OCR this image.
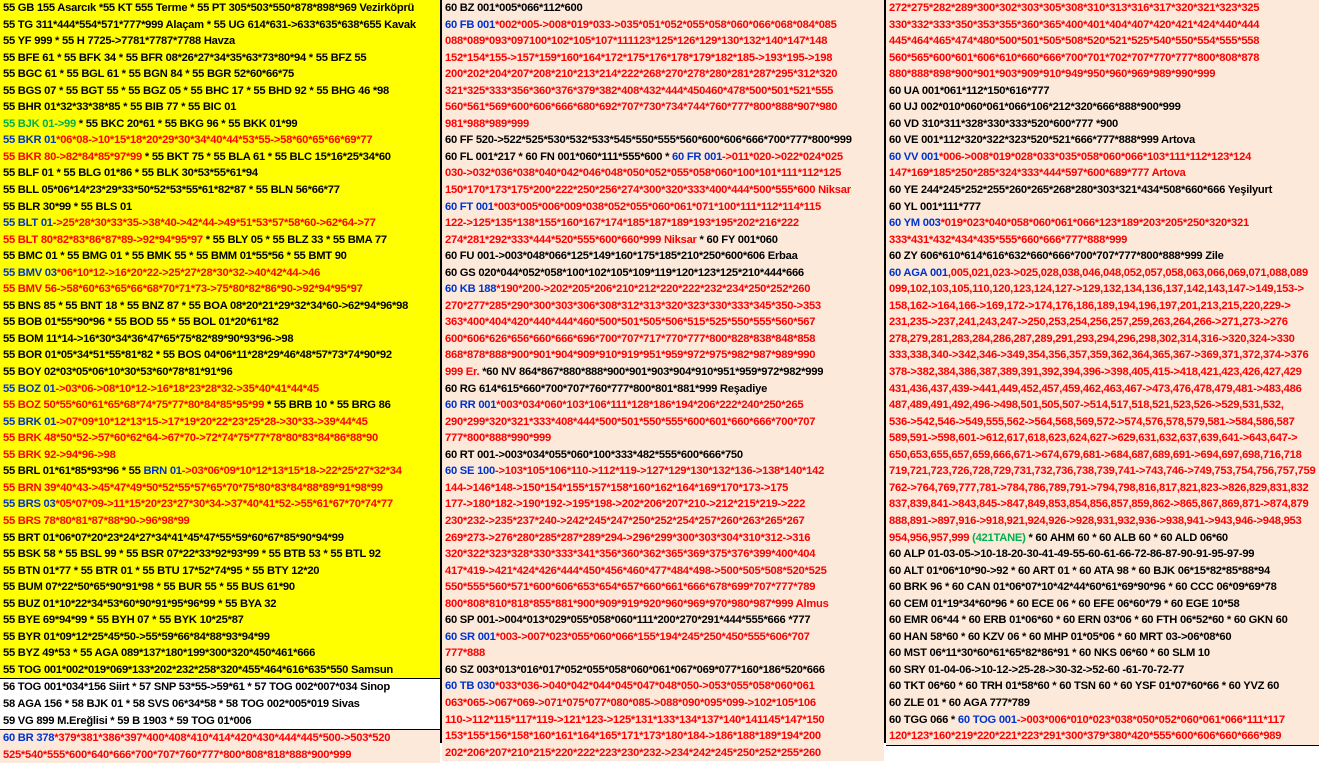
55 GB 155 Asarcık *55 KT 555 Terme * 55 PT 305*503*550*878*898*969 Vezirköprü
55 TG 311*444*554*571*777*999 Alaçam * 55 UG 614*631->633*635*638*655 Kavak
55 YF 999 * 55 H 7725->7781*7787*7788 Havza
55 BFE 61 * 55 BFK 34 * 55 BFR 08*26*27*34*35*63*73*80*94 * 55 BFZ 55
55 BGC 61 * 55 BGL 61 * 55 BGN 84 * 55 BGR 52*60*66*75
55 BGS 07 * 55 BGT 55 * 55 BGZ 05 * 55 BHC 17 * 55 BHD 92 * 55 BHG 46 *98
55 BHR 01*32*33*38*85 * 55 BIB 77 * 55 BIC 01
55 BJK 01->99 * 55 BKC 20*61 * 55 BKG 96 * 55 BKK 01*99
55 BKR 01*06*08->10*15*18*20*29*30*34*40*44*53*55->58*60*65*66*69*77
55 BKR 80->82*84*85*97*99 * 55 BKT 75 * 55 BLA 61 * 55 BLC 15*16*25*34*60
55 BLF 01 * 55 BLG 01*86 * 55 BLK 30*53*55*61*94
55 BLL 05*06*14*23*29*33*50*52*53*55*61*82*87 * 55 BLN 56*66*77
55 BLR 30*99 * 55 BLS 01
55 BLT 01->25*28*30*33*35->38*40->42*44->49*51*53*57*58*60->62*64->77
55 BLT 80*82*83*86*87*89->92*94*95*97 * 55 BLY 05 * 55 BLZ 33 * 55 BMA 77
55 BMC 01 * 55 BMG 01 * 55 BMK 55 * 55 BMM 01*55*56 * 55 BMT 90
55 BMV 03*06*10*12->16*20*22->25*27*28*30*32->40*42*44->46
55 BMV 56->58*60*63*65*66*68*70*71*73->75*80*82*86*90->92*94*95*97
55 BNS 85 * 55 BNT 18 * 55 BNZ 87 * 55 BOA 08*20*21*29*32*34*60->62*94*96*98
55 BOB 01*55*90*96 * 55 BOD 55 * 55 BOL 01*20*61*82
55 BOM 11*14->16*30*34*36*47*65*75*82*89*90*93*96->98
55 BOR 01*05*34*51*55*81*82 * 55 BOS 04*06*11*28*29*46*48*57*73*74*90*92
55 BOY 02*03*05*06*10*30*53*60*78*81*91*96
55 BOZ 01->03*06->08*10*12->16*18*23*28*32->35*40*41*44*45
55 BOZ 50*55*60*61*65*68*74*75*77*80*84*85*95*99 * 55 BRB 10 * 55 BRG 86
55 BRK 01->07*09*10*12*13*15->17*19*20*22*23*25*28->30*33->39*44*45
55 BRK 48*50*52->57*60*62*64->67*70->72*74*75*77*78*80*83*84*86*88*90
55 BRK 92->94*96->98
55 BRL 01*61*85*93*96 * 55 BRN 01->03*06*09*10*12*13*15*18->22*25*27*32*34
55 BRN 39*40*43->45*47*49*50*52*55*57*65*70*75*80*83*84*88*89*91*98*99
55 BRS 03*05*07*09->11*15*20*23*27*30*34->37*40*41*52->55*61*67*70*74*77
55 BRS 78*80*81*87*88*90->96*98*99
55 BRT 01*06*07*20*23*24*27*34*41*45*47*55*59*60*67*85*90*94*99
55 BSK 58 * 55 BSL 99 * 55 BSR 07*22*33*92*93*99 * 55 BTB 53 * 55 BTL 92
55 BTN 01*77 * 55 BTR 01 * 55 BTU 17*52*74*95 * 55 BTY 12*20
55 BUM 07*22*50*65*90*91*98 * 55 BUR 55 * 55 BUS 61*90
55 BUZ 01*10*22*34*53*60*90*91*95*96*99 * 55 BYA 32
55 BYE 69*94*99 * 55 BYH 07 * 55 BYK 10*25*87
55 BYR 01*09*12*25*45*50->55*59*66*84*88*93*94*99
55 BYZ 49*53 * 55 AGA 089*137*180*199*300*320*450*461*666
55 TOG 001*002*019*069*133*202*232*258*320*455*464*616*635*550 Samsun
56 TOG 001*034*156 Siirt * 57 SNP 53*55->59*61 * 57 TOG 002*007*034 Sinop
58 AGA 156 * 58 BJK 01 * 58 SVS 06*34*58 * 58 TOG 002*005*019 Sivas
59 VG 899 M.Ereğlisi * 59 B 1903 * 59 TOG 01*006
60 BR 378*379*381*386*397*400*408*410*414*420*430*444*445*500->503*520
525*540*555*600*640*666*700*707*760*777*800*808*818*888*900*999
60 BZ 001*005*066*112*600
60 FB 001*002*005->008*019*033->035*051*052*055*058*060*066*068*084*085
088*089*093*097100*102*105*107*111123*125*126*129*130*132*140*147*148
152*154*155->157*159*160*164*172*175*176*178*179*182*185->193*195->198
200*202*204*207*208*210*213*214*222*268*270*278*280*281*287*295*312*320
321*325*333*356*360*376*379*382*408*432*444*450460*478*500*501*521*555
560*561*569*600*606*666*680*692*707*730*734*744*760*777*800*888*907*980
981*988*989*999
60 FF 520->522*525*530*532*533*545*550*555*560*600*606*666*700*777*800*999
60 FL 001*217 * 60 FN 001*060*111*555*600 * 60 FR 001->011*020->022*024*025
030->032*036*038*040*042*046*048*050*052*055*058*060*100*101*111*112*125
150*170*173*175*200*222*250*256*274*300*320*333*400*444*500*555*600 Niksar
60 FT 001*003*005*006*009*038*052*055*060*061*071*100*111*112*114*115
122->125*135*138*155*160*167*174*185*187*189*193*195*202*216*222
274*281*292*333*444*520*555*600*660*999 Niksar * 60 FY 001*060
60 FU 001->003*048*066*125*149*160*175*185*210*250*600*606 Erbaa
60 GS 020*044*052*058*100*102*105*109*119*120*123*125*210*444*666
60 KB 188*190*200->202*205*206*210*212*220*222*232*234*250*252*260
270*277*285*290*300*303*306*308*312*313*320*323*330*333*345*350->353
363*400*404*420*440*444*460*500*501*505*506*515*525*550*555*560*567
600*606*626*656*660*666*696*700*707*717*770*777*800*828*838*848*858
868*878*888*900*901*904*909*910*919*951*959*972*975*982*987*989*990
999 Er. *60 NV 864*867*880*888*900*901*903*904*910*951*959*972*982*999
60 RG 614*615*660*700*707*760*777*800*801*881*999 Reşadiye
60 RR 001*003*034*060*103*106*111*128*186*194*206*222*240*250*265
290*299*320*321*333*408*444*500*501*550*555*600*601*660*666*700*707
777*800*888*990*999
60 RT 001->003*034*055*060*100*333*482*555*600*666*750
60 SE 100->103*105*106*110->112*119->127*129*130*132*136->138*140*142
144->146*148->150*154*155*157*158*160*162*164*169*170*173->175
177->180*182->190*192->195*198->202*206*207*210->212*215*219->222
230*232->235*237*240->242*245*247*250*252*254*257*260*263*265*267
269*273->276*280*285*287*289*294->296*299*300*303*304*310*312->316
320*322*323*328*330*333*341*356*360*362*365*369*375*376*399*400*404
417*419->421*424*426*444*450*456*460*477*484*498->500*505*508*520*525
550*555*560*571*600*606*653*654*657*660*661*666*678*699*707*777*789
800*808*810*818*855*881*900*909*919*920*960*969*970*980*987*999 Almus
60 SP 001->004*013*029*055*058*060*111*200*270*291*444*555*666 *777
60 SR 001*003->007*023*055*060*066*155*194*245*250*450*555*606*707
777*888
60 SZ 003*013*016*017*052*055*058*060*061*067*069*077*160*186*520*666
60 TB 030*033*036->040*042*044*045*047*048*050->053*055*058*060*061
063*065->067*069->071*075*077*080*085->088*090*095*099->102*105*106
110->112*115*117*119->121*123->125*131*133*134*137*140*141145*147*150
153*155*156*158*160*161*164*165*171*173*180*184->186*188*189*194*200
202*206*207*210*215*220*222*223*230*232->234*242*245*250*252*255*260
272*275*282*289*300*302*303*305*308*310*313*316*317*320*321*323*325
330*332*333*350*353*355*360*365*400*401*404*407*420*421*424*440*444
445*464*465*474*480*500*501*505*508*520*521*525*540*550*554*555*558
560*565*600*601*606*610*660*666*700*701*702*707*770*777*800*808*878
880*888*898*900*901*903*909*910*949*950*960*969*989*990*999
60 UA 001*061*112*150*616*777
60 UJ 002*010*060*061*066*106*212*320*666*888*900*999
60 VD 310*311*328*330*333*520*600*777 *900
60 VE 001*112*320*322*323*520*521*666*777*888*999 Artova
60 VV 001*006->008*019*028*033*035*058*060*066*103*111*112*123*124
147*169*185*250*285*324*333*444*597*600*689*777 Artova
60 YE 244*245*252*255*260*265*268*280*303*321*434*508*660*666 Yeşilyurt
60 YL 001*111*777
60 YM 003*019*023*040*058*060*061*066*123*189*203*205*250*320*321
333*431*432*434*435*555*660*666*777*888*999
60 ZY 606*610*614*616*632*660*666*700*707*777*800*888*999 Zile
60 AGA 001,005,021,023->025,028,038,046,048,052,057,058,063,066,069,071,088,089
099,102,103,105,110,120,123,124,127->129,132,134,136,137,142,143,147->149,153->
158,162->164,166->169,172->174,176,186,189,194,196,197,201,213,215,220,229->
231,235->237,241,243,247->250,253,254,256,257,259,263,264,266->271,273->276
278,279,281,283,284,286,287,289,291,293,294,296,298,302,314,316->320,324->330
333,338,340->342,346->349,354,356,357,359,362,364,365,367->369,371,372,374->376
378->382,384,386,387,389,391,392,394,396->398,405,415->418,421,423,426,427,429
431,436,437,439->441,449,452,457,459,462,463,467->473,476,478,479,481->483,486
487,489,491,492,496->498,501,505,507->514,517,518,521,523,526->529,531,532,
536->542,546->549,555,562->564,568,569,572->574,576,578,579,581->584,586,587
589,591->598,601->612,617,618,623,624,627->629,631,632,637,639,641->643,647->
650,653,655,657,659,666,671->674,679,681->684,687,689,691->694,697,698,716,718
719,721,723,726,728,729,731,732,736,738,739,741->743,746->749,753,754,756,757,759
762->764,769,777,781->784,786,789,791->794,798,816,817,821,823->826,829,831,832
837,839,841->843,845->847,849,853,854,856,857,859,862->865,867,869,871->874,879
888,891->897,916->918,921,924,926->928,931,932,936->938,941->943,946->948,953
954,956,957,999 (421TANE) * 60 AHM 60 * 60 ALB 60 * 60 ALD 06*60
60 ALP 01-03-05->10-18-20-30-41-49-55-60-61-66-72-86-87-90-91-95-97-99
60 ALT 01*06*10*90->92 * 60 ART 01 * 60 ATA 98 * 60 BJK 06*15*82*85*88*94
60 BRK 96 * 60 CAN 01*06*07*10*42*44*60*61*69*90*96 * 60 CCC 06*09*69*78
60 CEM 01*19*34*60*96 * 60 ECE 06 * 60 EFE 06*60*79 * 60 EGE 10*58
60 EMR 06*44 * 60 ERB 01*06*60 * 60 ERN 03*06 * 60 FTH 06*52*60 * 60 GKN 60
60 HAN 58*60 * 60 KZV 06 * 60 MHP 01*05*06 * 60 MRT 03->06*08*60
60 MST 06*11*30*60*61*65*82*86*91 * 60 NKS 06*60 * 60 SLM 10
60 SRY 01-04-06->10-12->25-28->30-32->52-60 -61-70-72-77
60 TKT 06*60 * 60 TRH 01*58*60 * 60 TSN 60 * 60 YSF 01*07*60*66 * 60 YVZ 60
60 ZLE 01 * 60 AGA 777*789
60 TGG 066 * 60 TOG 001->003*006*010*023*038*050*052*060*061*066*111*117
120*123*160*219*220*221*223*291*300*379*380*420*555*600*606*660*666*989
